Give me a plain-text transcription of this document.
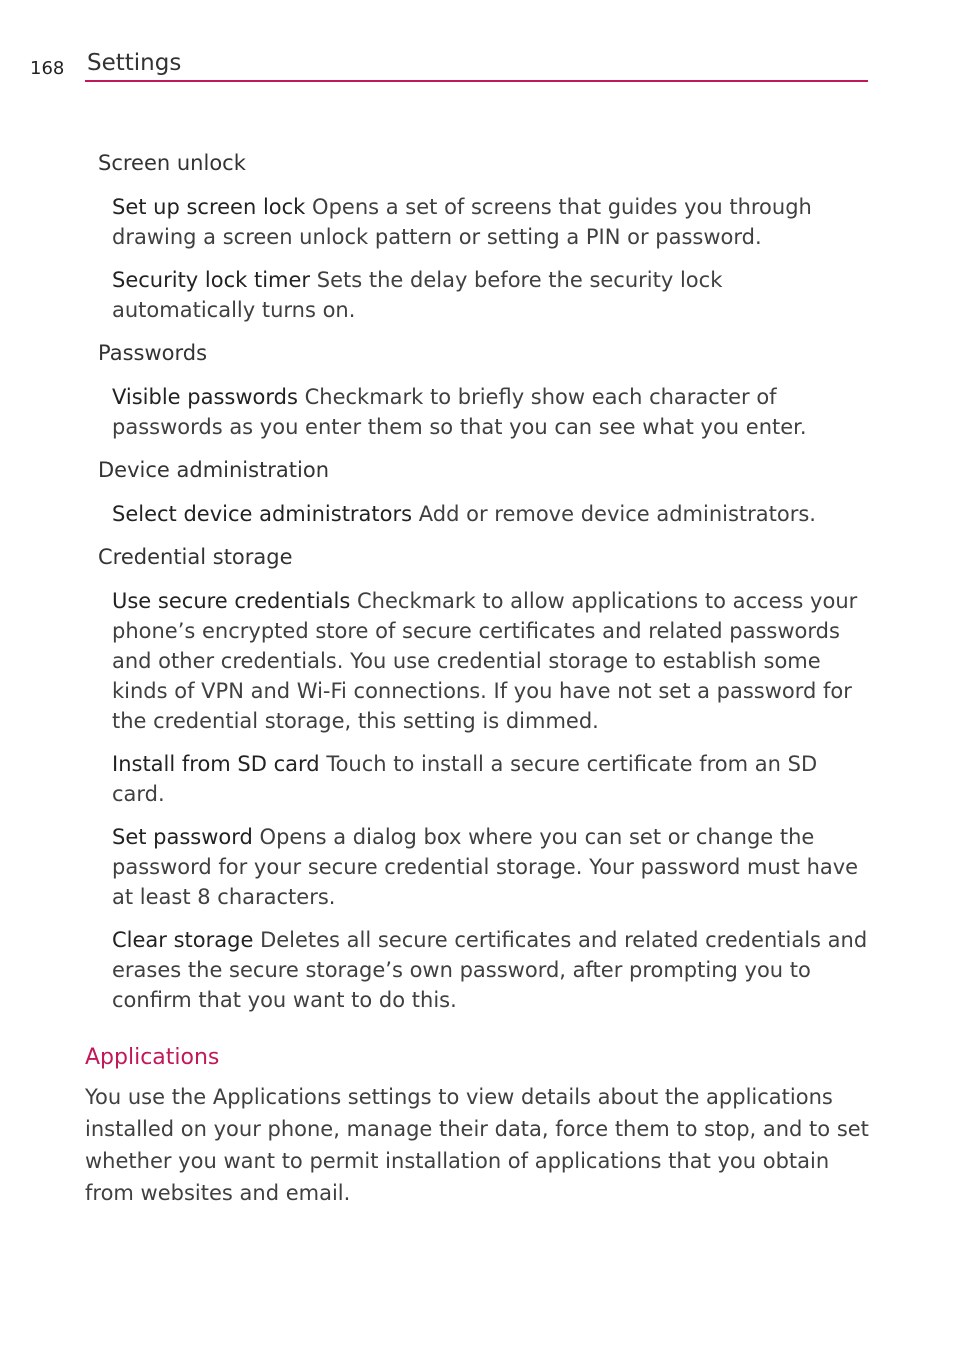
168 Settings
Screen unlock
Set up screen lock Opens a set of screens that guides you through drawing a screen unlock pattern or setting a PIN or password.
Security lock timer Sets the delay before the security lock automatically turns on.
Passwords
Visible passwords Checkmark to briefly show each character of passwords as you enter them so that you can see what you enter.
Device administration
Select device administrators Add or remove device administrators.
Credential storage
Use secure credentials Checkmark to allow applications to access your phone’s encrypted store of secure certificates and related passwords and other credentials. You use credential storage to establish some kinds of VPN and Wi-Fi connections. If you have not set a password for the credential storage, this setting is dimmed.
Install from SD card Touch to install a secure certificate from an SD card.
Set password Opens a dialog box where you can set or change the password for your secure credential storage. Your password must have at least 8 characters.
Clear storage Deletes all secure certificates and related credentials and erases the secure storage’s own password, after prompting you to confirm that you want to do this.
Applications
You use the Applications settings to view details about the applications installed on your phone, manage their data, force them to stop, and to set whether you want to permit installation of applications that you obtain from websites and email.
